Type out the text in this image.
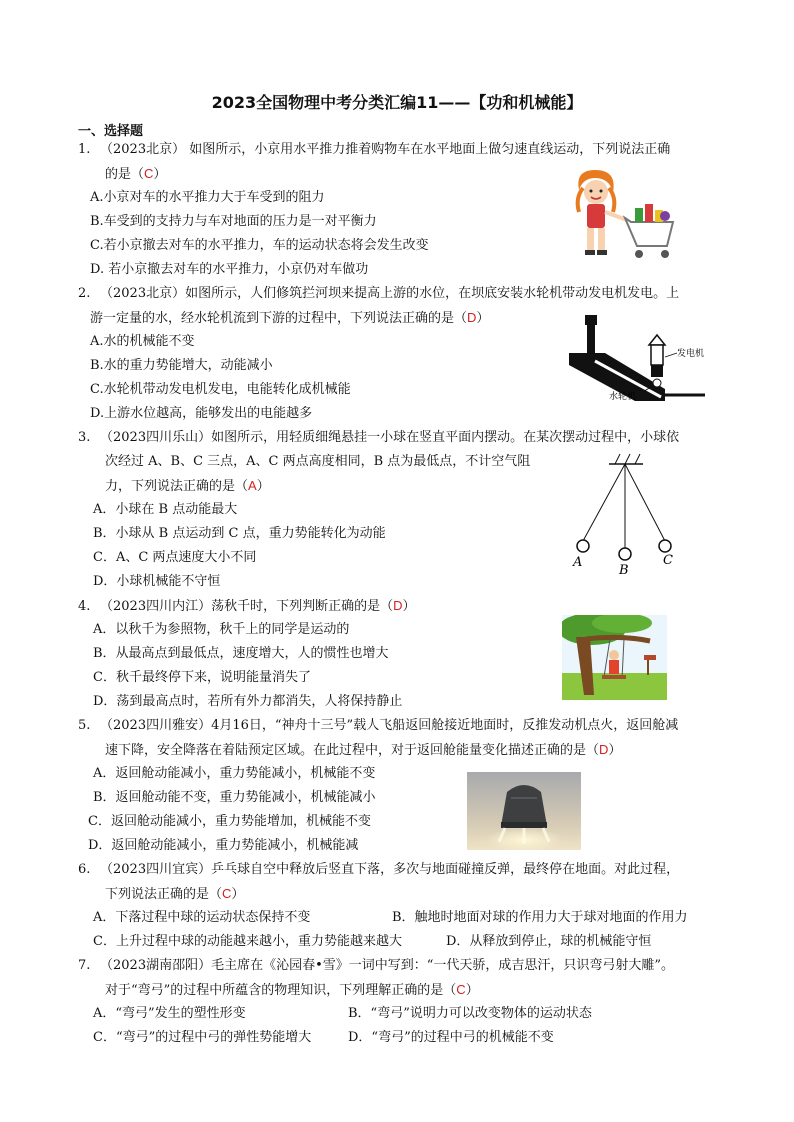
2023全国物理中考分类汇编11——【功和机械能】
一、选择题
1. （2023北京） 如图所示，小京用水平推力推着购物车在水平地面上做匀速直线运动，下列说法正确
的是（C）
A.小京对车的水平推力大于车受到的阻力
B.车受到的支持力与车对地面的压力是一对平衡力
C.若小京撤去对车的水平推力，车的运动状态将会发生改变
D. 若小京撤去对车的水平推力，小京仍对车做功
2. （2023北京）如图所示，人们修筑拦河坝来提高上游的水位，在坝底安装水轮机带动发电机发电。上
游一定量的水，经水轮机流到下游的过程中，下列说法正确的是（D）
A.水的机械能不变
B.水的重力势能增大，动能减小
C.水轮机带动发电机发电，电能转化成机械能
D.上游水位越高，能够发出的电能越多
发电机
水轮机
3. （2023四川乐山）如图所示，用轻质细绳悬挂一小球在竖直平面内摆动。在某次摆动过程中，小球依
次经过 A、B、C 三点，A、C 两点高度相同，B 点为最低点，不计空气阻
力，下列说法正确的是（A）
A．小球在 B 点动能最大
B．小球从 B 点运动到 C 点，重力势能转化为动能
C．A、C 两点速度大小不同
D．小球机械能不守恒
A
B
C
4. （2023四川内江）荡秋千时，下列判断正确的是（D）
A．以秋千为参照物，秋千上的同学是运动的
B．从最高点到最低点，速度增大，人的惯性也增大
C．秋千最终停下来，说明能量消失了
D．荡到最高点时，若所有外力都消失，人将保持静止
5. （2023四川雅安）4月16日，“神舟十三号”载人飞船返回舱接近地面时，反推发动机点火，返回舱减
速下降，安全降落在着陆预定区域。在此过程中，对于返回舱能量变化描述正确的是（D）
A．返回舱动能减小，重力势能减小，机械能不变
B．返回舱动能不变，重力势能减小，机械能减小
C．返回舱动能减小，重力势能增加，机械能不变
D．返回舱动能减小，重力势能减小，机械能减
6. （2023四川宜宾）乒乓球自空中释放后竖直下落，多次与地面碰撞反弹，最终停在地面。对此过程，
下列说法正确的是（C）
A．下落过程中球的运动状态保持不变	B．触地时地面对球的作用力大于球对地面的作用力
C．上升过程中球的动能越来越小，重力势能越来越大	D．从释放到停止，球的机械能守恒
7. （2023湖南邵阳）毛主席在《沁园春•雪》一词中写到：“一代天骄，成吉思汗，只识弯弓射大雕”。
对于“弯弓”的过程中所蕴含的物理知识，下列理解正确的是（C）
A．“弯弓”发生的塑性形变	B．“弯弓”说明力可以改变物体的运动状态
C．“弯弓”的过程中弓的弹性势能增大	D．“弯弓”的过程中弓的机械能不变
